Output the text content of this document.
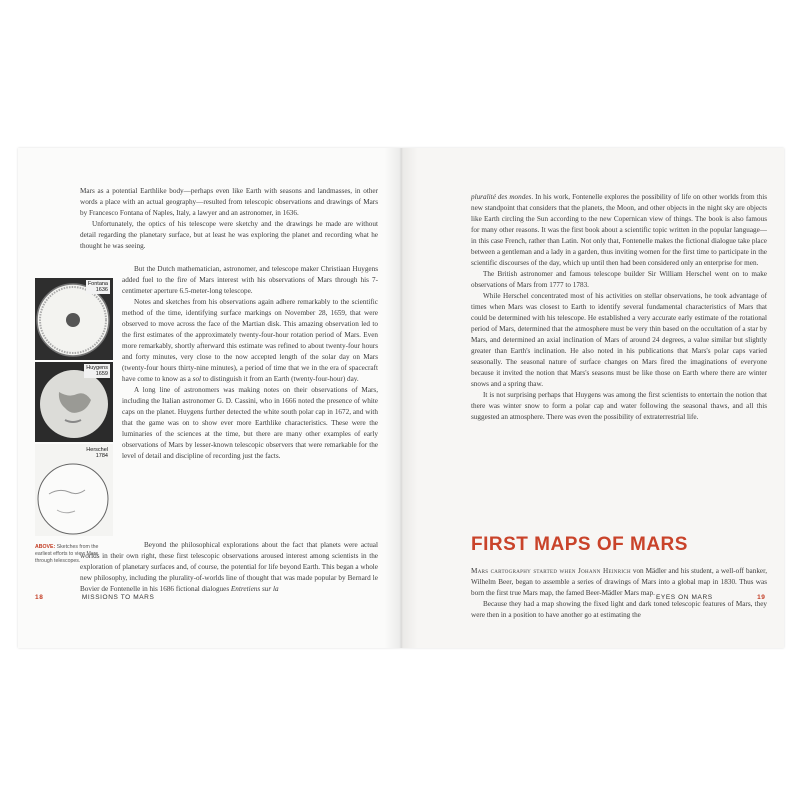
Mars as a potential Earthlike body—perhaps even like Earth with seasons and landmasses, in other words a place with an actual geography—resulted from telescopic observations and drawings of Mars by Francesco Fontana of Naples, Italy, a lawyer and an astronomer, in 1636.

Unfortunately, the optics of his telescope were sketchy and the drawings he made are without detail regarding the planetary surface, but at least he was exploring the planet and recording what he thought he was seeing.

But the Dutch mathematician, astronomer, and telescope maker Christiaan Huygens added fuel to the fire of Mars interest with his observations of Mars through his 7-centimeter aperture 6.5-meter-long telescope.

Notes and sketches from his observations again adhere remarkably to the scientific method of the time, identifying surface markings on November 28, 1659, that were observed to move across the face of the Martian disk. This amazing observation led to the first estimates of the approximately twenty-four-hour rotation period of Mars. Even more remarkably, shortly afterward this estimate was refined to about twenty-four hours and forty minutes, very close to the now accepted length of the solar day on Mars (twenty-four hours thirty-nine minutes), a period of time that we in the era of spacecraft have come to know as a sol to distinguish it from an Earth (twenty-four-hour) day.

A long line of astronomers was making notes on their observations of Mars, including the Italian astronomer G. D. Cassini, who in 1666 noted the presence of white caps on the planet. Huygens further detected the white south polar cap in 1672, and with that the game was on to show ever more Earthlike characteristics. These were the luminaries of the sciences at the time, but there are many other examples of early observations of Mars by lesser-known telescopic observers that were remarkable for the level of detail and discipline of recording just the facts.

Beyond the philosophical explorations about the fact that planets were actual worlds in their own right, these first telescopic observations aroused interest among scientists in the exploration of planetary surfaces and, of course, the potential for life beyond Earth. This began a whole new philosophy, including the plurality-of-worlds line of thought that was made popular by Bernard le Bovier de Fontenelle in his 1686 fictional dialogues Entretiens sur la

Fontana
1636
Huygens
1659
Herschel
1784
ABOVE: Sketches from the earliest efforts to view Mars through telescopes.
18	MISSIONS TO MARS

pluralité des mondes. In his work, Fontenelle explores the possibility of life on other worlds from this new standpoint that considers that the planets, the Moon, and other objects in the night sky are objects like Earth circling the Sun according to the new Copernican view of things. The book is also famous for many other reasons. It was the first book about a scientific topic written in the popular language—in this case French, rather than Latin. Not only that, Fontenelle makes the fictional dialogue take place between a gentleman and a lady in a garden, thus inviting women for the first time to participate in the scientific discourses of the day, which up until then had been considered only an enterprise for men.

The British astronomer and famous telescope builder Sir William Herschel went on to make observations of Mars from 1777 to 1783.

While Herschel concentrated most of his activities on stellar observations, he took advantage of times when Mars was closest to Earth to identify several fundamental characteristics of Mars that could be determined with his telescope. He established a very accurate early estimate of the rotational period of Mars, determined that the atmosphere must be very thin based on the occultation of a star by Mars, and determined an axial inclination of Mars of around 24 degrees, a value similar but slightly greater than Earth's inclination. He also noted in his publications that Mars's polar caps varied seasonally. The seasonal nature of surface changes on Mars fired the imaginations of everyone because it invited the notion that Mars's seasons must be like those on Earth where there are winter snows and a spring thaw.

It is not surprising perhaps that Huygens was among the first scientists to entertain the notion that there was winter snow to form a polar cap and water following the seasonal thaws, and all this suggested an atmosphere. There was even the possibility of extraterrestrial life.

FIRST MAPS OF MARS

Mars cartography started when Johann Heinrich von Mädler and his student, a well-off banker, Wilhelm Beer, began to assemble a series of drawings of Mars into a global map in 1830. Thus was born the first true Mars map, the famed Beer-Mädler Mars map.

Because they had a map showing the fixed light and dark toned telescopic features of Mars, they were then in a position to have another go at estimating the

EYES ON MARS	19
